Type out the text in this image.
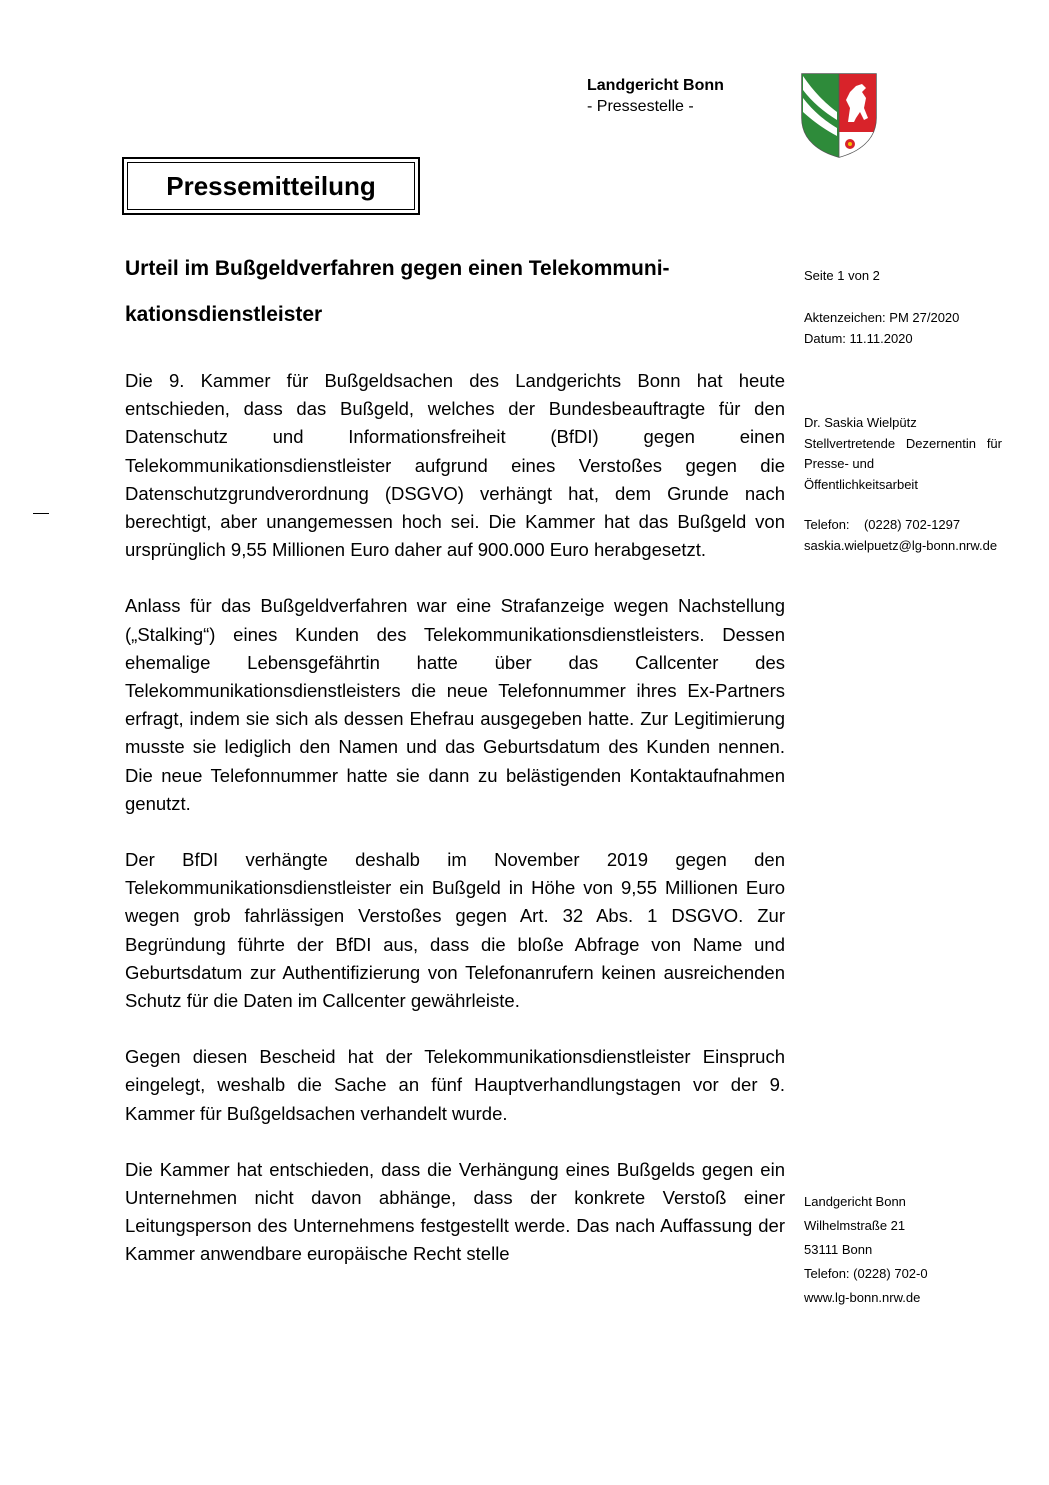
Landgericht Bonn
- Pressestelle -
Pressemitteilung
Urteil im Bußgeldverfahren gegen einen Telekommuni-
kationsdienstleister

Die 9. Kammer für Bußgeldsachen des Landgerichts Bonn hat heute entschieden, dass das Bußgeld, welches der Bundesbeauftragte für den Datenschutz und Informationsfreiheit (BfDI) gegen einen Telekommunikationsdienstleister aufgrund eines Verstoßes gegen die Datenschutzgrundverordnung (DSGVO) verhängt hat, dem Grunde nach berechtigt, aber unangemessen hoch sei. Die Kammer hat das Bußgeld von ursprünglich 9,55 Millionen Euro daher auf 900.000 Euro herabgesetzt.

Anlass für das Bußgeldverfahren war eine Strafanzeige wegen Nachstellung („Stalking“) eines Kunden des Telekommunikationsdienstleisters. Dessen ehemalige Lebensgefährtin hatte über das Callcenter des Telekommunikationsdienstleisters die neue Telefonnummer ihres Ex-Partners erfragt, indem sie sich als dessen Ehefrau ausgegeben hatte. Zur Legitimierung musste sie lediglich den Namen und das Geburtsdatum des Kunden nennen. Die neue Telefonnummer hatte sie dann zu belästigenden Kontaktaufnahmen genutzt.

Der BfDI verhängte deshalb im November 2019 gegen den Telekommunikationsdienstleister ein Bußgeld in Höhe von 9,55 Millionen Euro wegen grob fahrlässigen Verstoßes gegen Art. 32 Abs. 1 DSGVO. Zur Begründung führte der BfDI aus, dass die bloße Abfrage von Name und Geburtsdatum zur Authentifizierung von Telefonanrufern keinen ausreichenden Schutz für die Daten im Callcenter gewährleiste.

Gegen diesen Bescheid hat der Telekommunikationsdienstleister Einspruch eingelegt, weshalb die Sache an fünf Hauptverhandlungstagen vor der 9. Kammer für Bußgeldsachen verhandelt wurde.

Die Kammer hat entschieden, dass die Verhängung eines Bußgelds gegen ein Unternehmen nicht davon abhänge, dass der konkrete Verstoß einer Leitungsperson des Unternehmens festgestellt werde. Das nach Auffassung der Kammer anwendbare europäische Recht stelle

Seite 1 von 2
Aktenzeichen: PM 27/2020
Datum: 11.11.2020
Dr. Saskia Wielpütz
Stellvertretende   Dezernentin   für
Presse- und
Öffentlichkeitsarbeit
Telefon:    (0228) 702-1297
saskia.wielpuetz@lg-bonn.nrw.de
Landgericht Bonn
Wilhelmstraße 21
53111 Bonn
Telefon: (0228) 702-0
www.lg-bonn.nrw.de
